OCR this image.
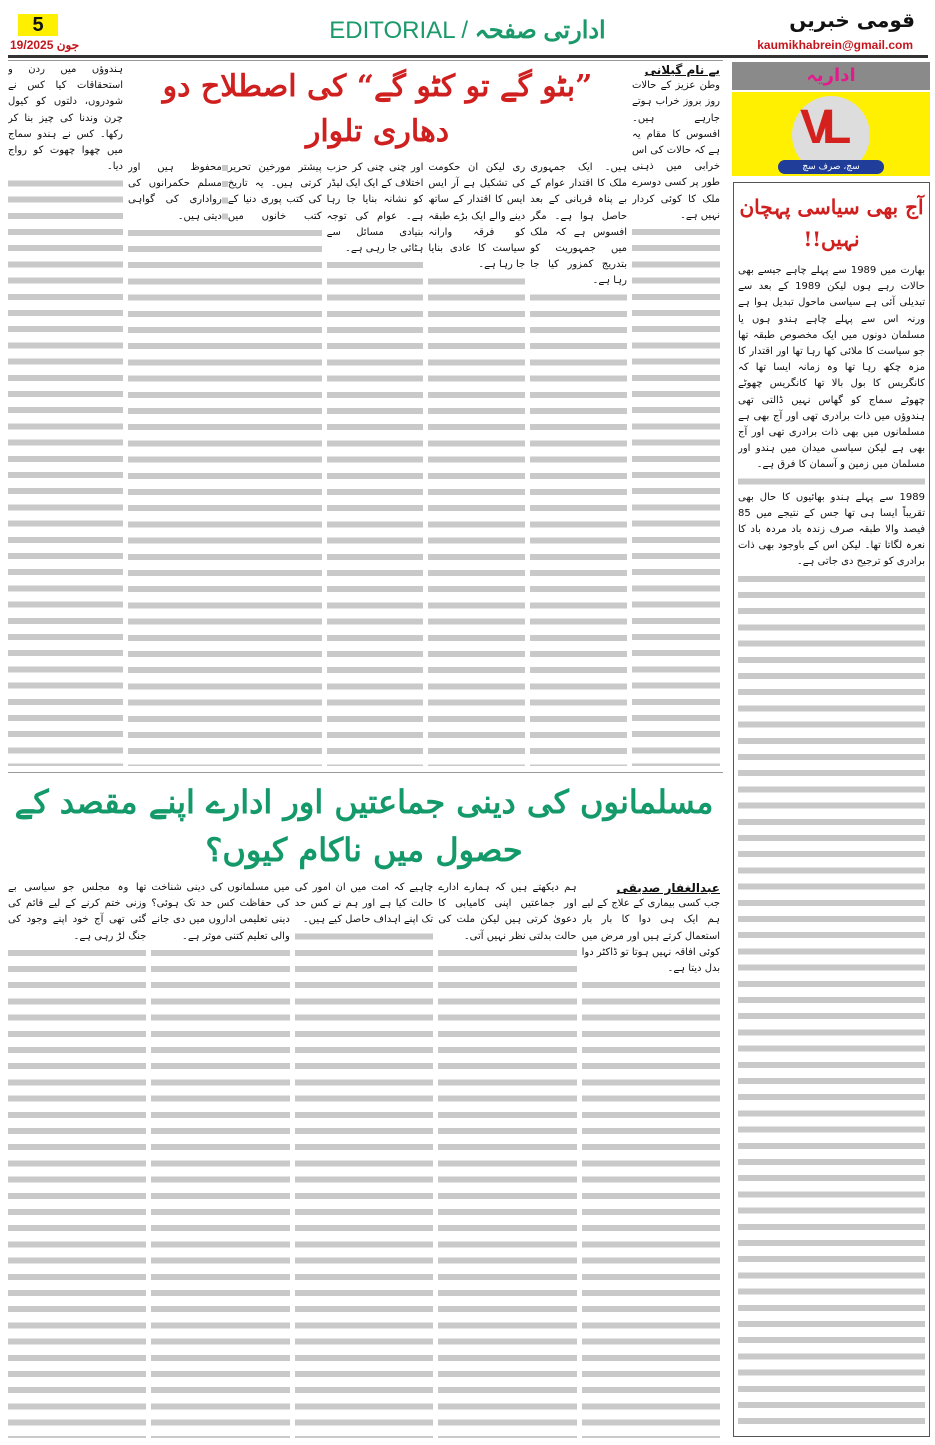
5
19/جون 2025
EDITORIAL / ادارتی صفحہ	قومی خبریں
kaumikhabrein@gmail.com
بے نام گیلانی

وطن عزیز کے حالات روز بروز خراب ہوتے جارہے ہیں۔ افسوس کا مقام یہ ہے کہ حالات کی اس خرابی میں ذہنی طور پر کسی دوسرے ملک کا کوئی کردار نہیں ہے۔

”بٹو گے تو کٹو گے“ کی اصطلاح دو دھاری تلوار

ہیں۔ ایک جمہوری ملک کا اقتدار عوام کے بے پناہ قربانی کے بعد حاصل ہوا ہے۔ مگر افسوس ہے کہ ملک میں جمہوریت کو بتدریج کمزور کیا جا رہا ہے۔

ری لیکن ان حکومت کی تشکیل ہے آر ایس ایس کا اقتدار کے ساتھ دینے والے ایک بڑے طبقہ کو فرقہ وارانہ سیاست کا عادی بنایا جا رہا ہے۔

اور چنی چنی کر حزب اختلاف کے ایک ایک لیڈر کو نشانہ بنایا جا رہا ہے۔ عوام کی توجہ بنیادی مسائل سے ہٹائی جا رہی ہے۔

پیشتر مورخین تحریر کرتی ہیں۔ یہ تاریخ کی کتب پوری دنیا کے کتب خانوں میں محفوظ ہیں اور مسلم حکمرانوں کی رواداری کی گواہی دیتی ہیں۔

ہندوؤں میں ردن و استحقاقات کیا کس نے شودروں، دلتوں کو کیول چرن وندنا کی چیز بنا کر رکھا۔ کس نے ہندو سماج میں چھوا چھوت کو رواج دیا۔

مسلمانوں کی دینی جماعتیں اور ادارے اپنے مقصد کے حصول میں ناکام کیوں؟
عبدالغفار صدیقی

جب کسی بیماری کے علاج کے لیے ہم ایک ہی دوا کا بار بار استعمال کرتے ہیں اور مرض میں کوئی افاقہ نہیں ہوتا تو ڈاکٹر دوا بدل دیتا ہے۔

ہم دیکھتے ہیں کہ ہمارے ادارے اور جماعتیں اپنی کامیابی کا دعویٰ کرتی ہیں لیکن ملت کی حالت بدلتی نظر نہیں آتی۔

چاہیے کہ امت میں ان امور کی حالت کیا ہے اور ہم نے کس حد تک اپنے اہداف حاصل کیے ہیں۔

میں مسلمانوں کی دینی شناخت کی حفاظت کس حد تک ہوئی؟ دینی تعلیمی اداروں میں دی جانے والی تعلیم کتنی موثر ہے۔

تھا وہ مجلس جو سیاسی بے وزنی ختم کرنے کے لیے قائم کی گئی تھی آج خود اپنے وجود کی جنگ لڑ رہی ہے۔

اداریہ
VL
سچ، صرف سچ
آج بھی سیاسی پہچان نہیں!!

بھارت میں 1989 سے پہلے چاہے جیسے بھی حالات رہے ہوں لیکن 1989 کے بعد سے تبدیلی آئی ہے سیاسی ماحول تبدیل ہوا ہے ورنہ اس سے پہلے چاہے ہندو ہوں یا مسلمان دونوں میں ایک مخصوص طبقہ تھا جو سیاست کا ملائی کھا رہا تھا اور اقتدار کا مزہ چکھ رہا تھا وہ زمانہ ایسا تھا کہ کانگریس کا بول بالا تھا کانگریس چھوٹے چھوٹے سماج کو گھاس نہیں ڈالتی تھی ہندوؤں میں ذات برادری تھی اور آج بھی ہے مسلمانوں میں بھی ذات برادری تھی اور آج بھی ہے لیکن سیاسی میدان میں ہندو اور مسلمان میں زمین و آسمان کا فرق ہے۔

1989 سے پہلے ہندو بھائیوں کا حال بھی تقریباً ایسا ہی تھا جس کے نتیجے میں 85 فیصد والا طبقہ صرف زندہ باد مردہ باد کا نعرہ لگاتا تھا۔ لیکن اس کے باوجود بھی ذات برادری کو ترجیح دی جاتی ہے۔
